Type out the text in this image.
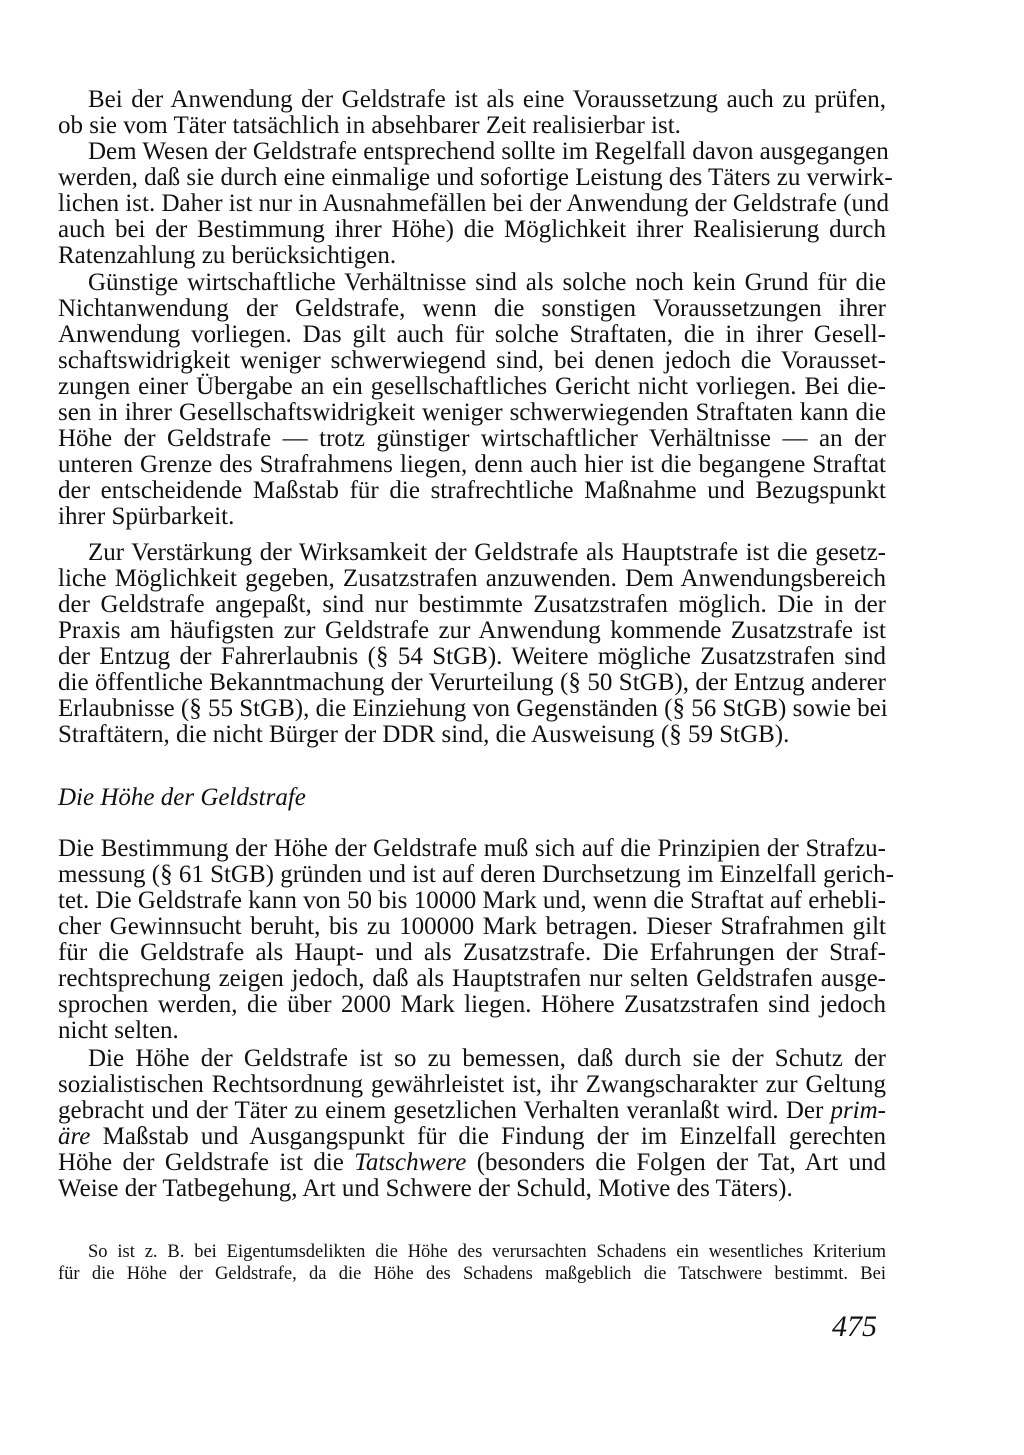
Bei der Anwendung der Geldstrafe ist als eine Voraussetzung auch zu prüfen,
ob sie vom Täter tatsächlich in absehbarer Zeit realisierbar ist.
Dem Wesen der Geldstrafe entsprechend sollte im Regelfall davon ausgegangen
werden, daß sie durch eine einmalige und sofortige Leistung des Täters zu verwirk-
lichen ist. Daher ist nur in Ausnahmefällen bei der Anwendung der Geldstrafe (und
auch bei der Bestimmung ihrer Höhe) die Möglichkeit ihrer Realisierung durch
Ratenzahlung zu berücksichtigen.
Günstige wirtschaftliche Verhältnisse sind als solche noch kein Grund für die
Nichtanwendung der Geldstrafe, wenn die sonstigen Voraussetzungen ihrer
Anwendung vorliegen. Das gilt auch für solche Straftaten, die in ihrer Gesell-
schaftswidrigkeit weniger schwerwiegend sind, bei denen jedoch die Vorausset-
zungen einer Übergabe an ein gesellschaftliches Gericht nicht vorliegen. Bei die-
sen in ihrer Gesellschaftswidrigkeit weniger schwerwiegenden Straftaten kann die
Höhe der Geldstrafe — trotz günstiger wirtschaftlicher Verhältnisse — an der
unteren Grenze des Strafrahmens liegen, denn auch hier ist die begangene Straftat
der entscheidende Maßstab für die strafrechtliche Maßnahme und Bezugspunkt
ihrer Spürbarkeit.
Zur Verstärkung der Wirksamkeit der Geldstrafe als Hauptstrafe ist die gesetz-
liche Möglichkeit gegeben, Zusatzstrafen anzuwenden. Dem Anwendungsbereich
der Geldstrafe angepaßt, sind nur bestimmte Zusatzstrafen möglich. Die in der
Praxis am häufigsten zur Geldstrafe zur Anwendung kommende Zusatzstrafe ist
der Entzug der Fahrerlaubnis (§ 54 StGB). Weitere mögliche Zusatzstrafen sind
die öffentliche Bekanntmachung der Verurteilung (§ 50 StGB), der Entzug anderer
Erlaubnisse (§ 55 StGB), die Einziehung von Gegenständen (§ 56 StGB) sowie bei
Straftätern, die nicht Bürger der DDR sind, die Ausweisung (§ 59 StGB).
Die Höhe der Geldstrafe
Die Bestimmung der Höhe der Geldstrafe muß sich auf die Prinzipien der Strafzu-
messung (§ 61 StGB) gründen und ist auf deren Durchsetzung im Einzelfall gerich-
tet. Die Geldstrafe kann von 50 bis 10000 Mark und, wenn die Straftat auf erhebli-
cher Gewinnsucht beruht, bis zu 100000 Mark betragen. Dieser Strafrahmen gilt
für die Geldstrafe als Haupt- und als Zusatzstrafe. Die Erfahrungen der Straf-
rechtsprechung zeigen jedoch, daß als Hauptstrafen nur selten Geldstrafen ausge-
sprochen werden, die über 2000 Mark liegen. Höhere Zusatzstrafen sind jedoch
nicht selten.
Die Höhe der Geldstrafe ist so zu bemessen, daß durch sie der Schutz der
sozialistischen Rechtsordnung gewährleistet ist, ihr Zwangscharakter zur Geltung
gebracht und der Täter zu einem gesetzlichen Verhalten veranlaßt wird. Der prim-
äre Maßstab und Ausgangspunkt für die Findung der im Einzelfall gerechten
Höhe der Geldstrafe ist die Tatschwere (besonders die Folgen der Tat, Art und
Weise der Tatbegehung, Art und Schwere der Schuld, Motive des Täters).
So ist z. B. bei Eigentumsdelikten die Höhe des verursachten Schadens ein wesentliches Kriterium
für die Höhe der Geldstrafe, da die Höhe des Schadens maßgeblich die Tatschwere bestimmt. Bei
475
